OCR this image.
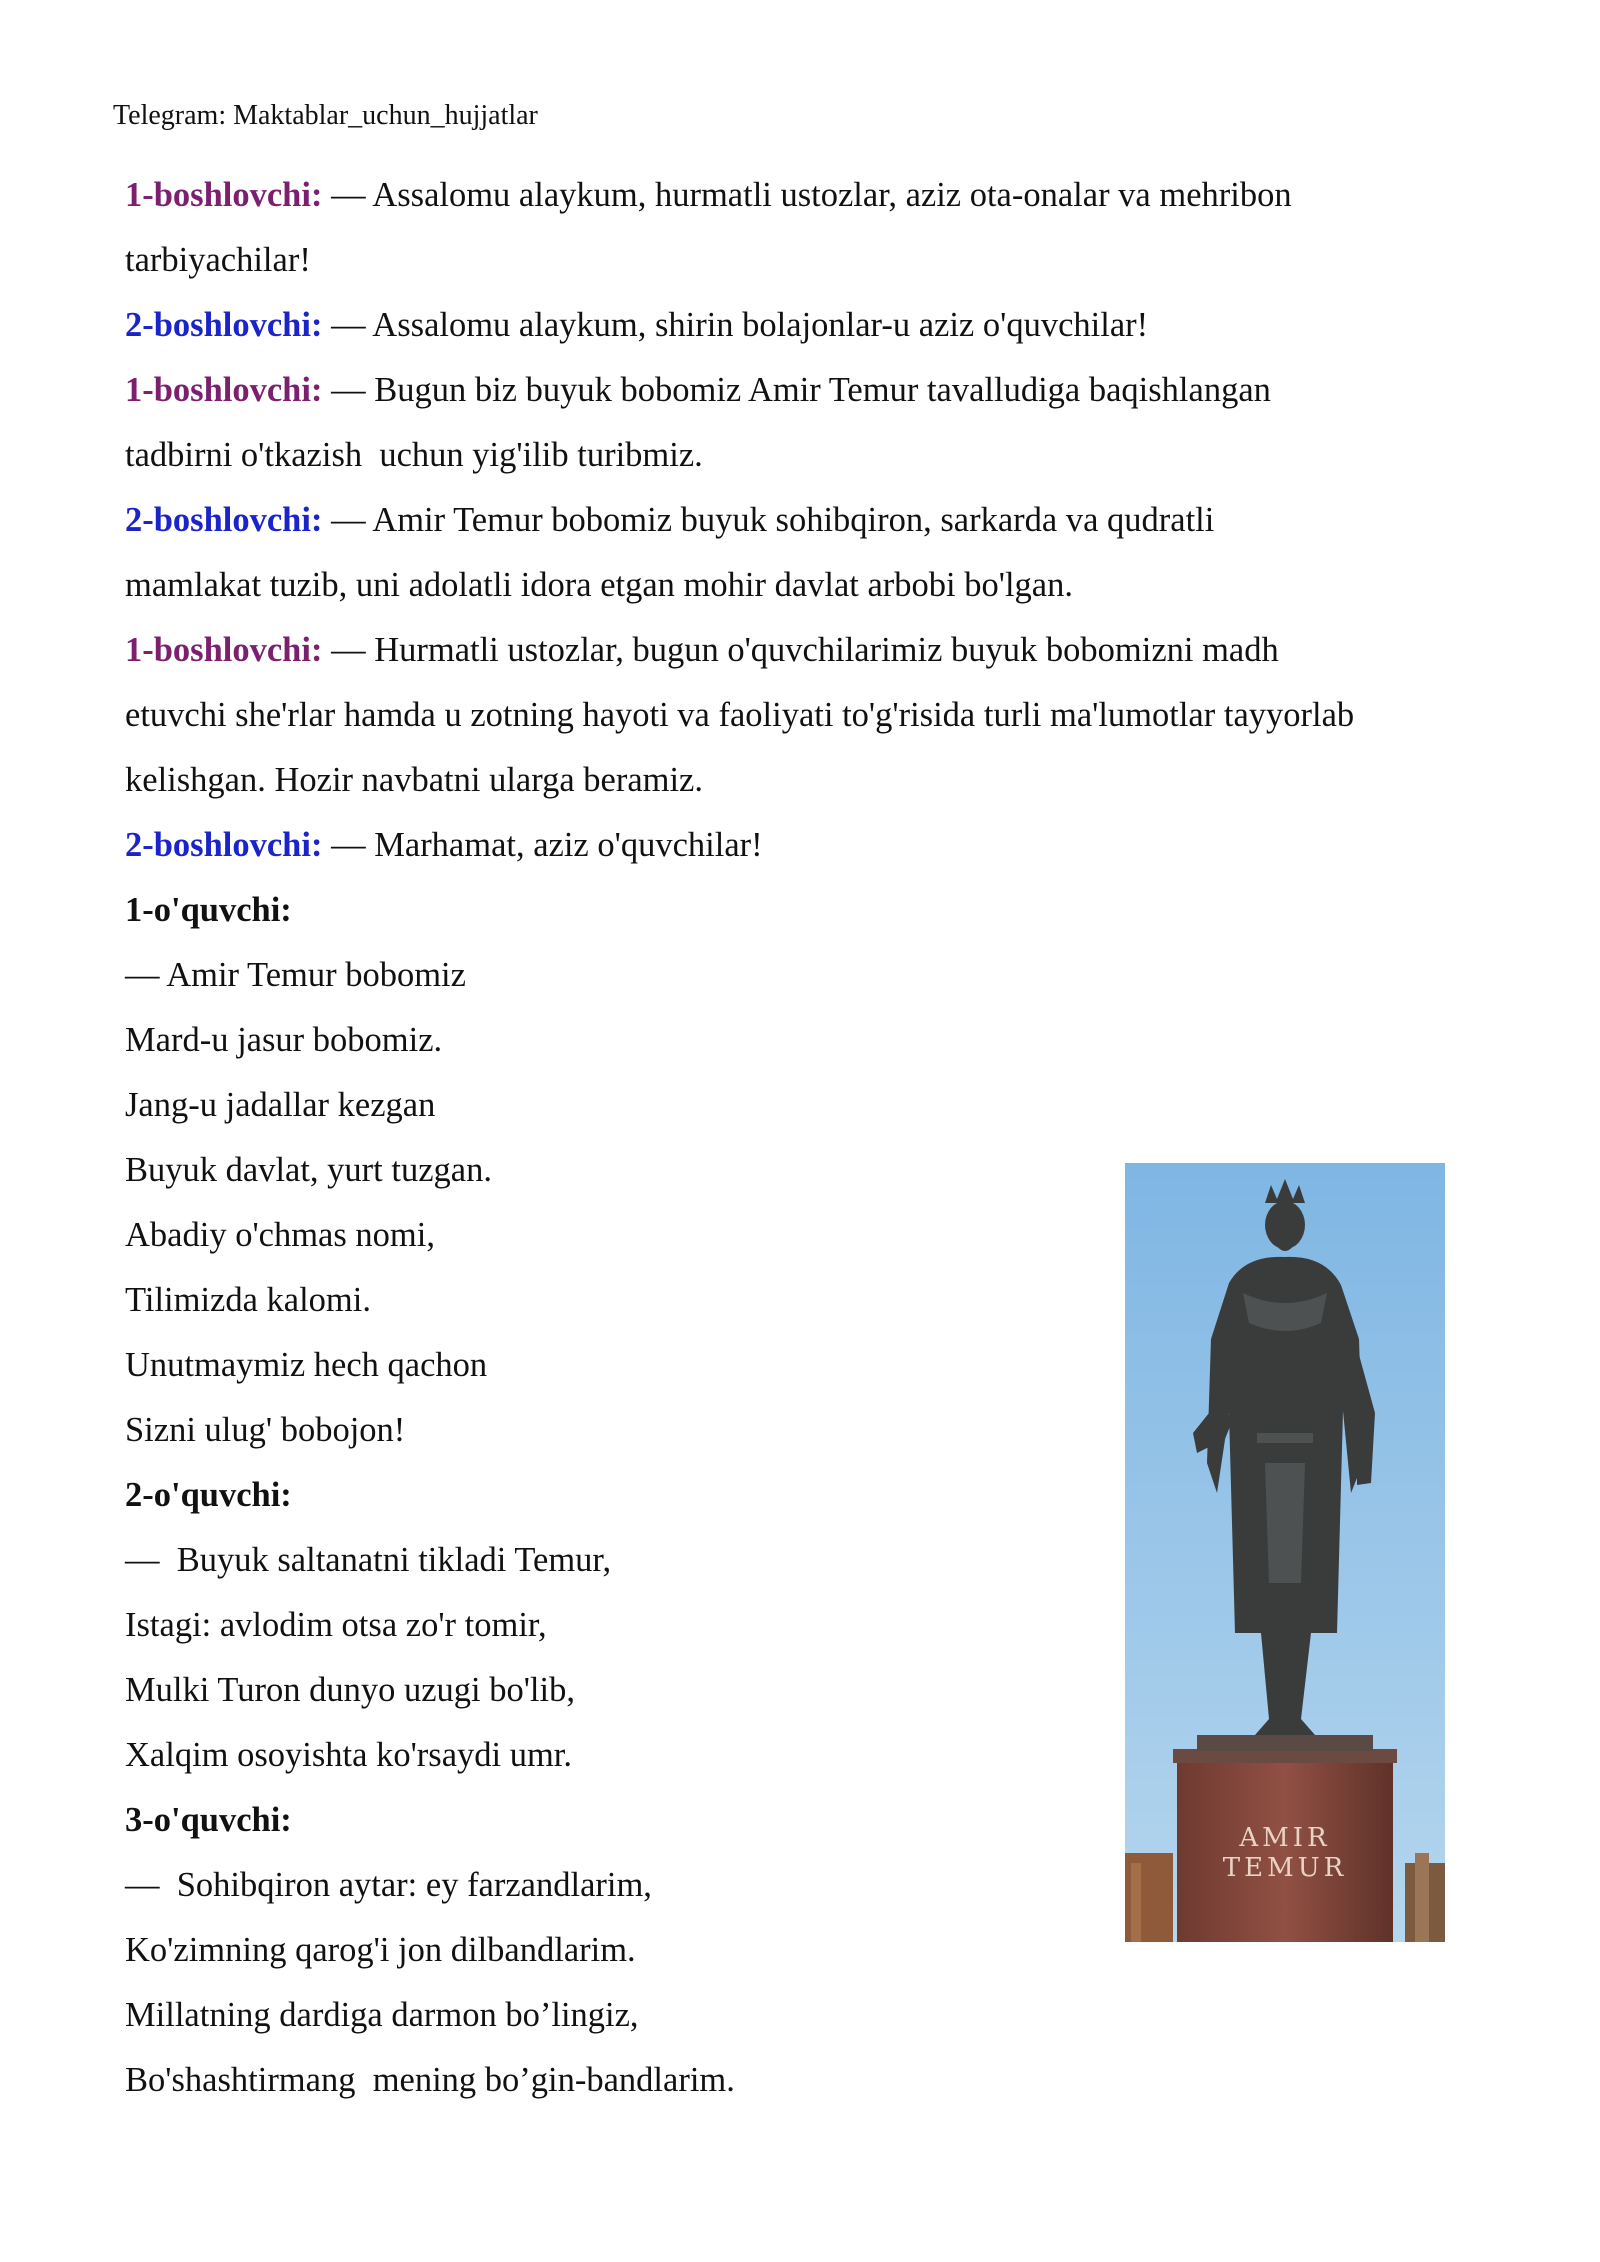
Telegram: Maktablar_uchun_hujjatlar
1-boshlovchi: — Assalomu alaykum, hurmatli ustozlar, aziz ota-onalar va mehribon
tarbiyachilar!
2-boshlovchi: — Assalomu alaykum, shirin bolajonlar-u aziz o'quvchilar!
1-boshlovchi: — Bugun biz buyuk bobomiz Amir Temur tavalludiga baqishlangan
tadbirni o'tkazish  uchun yig'ilib turibmiz.
2-boshlovchi: — Amir Temur bobomiz buyuk sohibqiron, sarkarda va qudratli
mamlakat tuzib, uni adolatli idora etgan mohir davlat arbobi bo'lgan.
1-boshlovchi: — Hurmatli ustozlar, bugun o'quvchilarimiz buyuk bobomizni madh
etuvchi she'rlar hamda u zotning hayoti va faoliyati to'g'risida turli ma'lumotlar tayyorlab
kelishgan. Hozir navbatni ularga beramiz.
2-boshlovchi: — Marhamat, aziz o'quvchilar!
1-o'quvchi:
— Amir Temur bobomiz
Mard-u jasur bobomiz.
Jang-u jadallar kezgan
Buyuk davlat, yurt tuzgan.
Abadiy o'chmas nomi,
Tilimizda kalomi.
Unutmaymiz hech qachon
Sizni ulug' bobojon!
2-o'quvchi:
—  Buyuk saltanatni tikladi Temur,
Istagi: avlodim otsa zo'r tomir,
Mulki Turon dunyo uzugi bo'lib,
Xalqim osoyishta ko'rsaydi umr.
3-o'quvchi:
—  Sohibqiron aytar: ey farzandlarim,
Ko'zimning qarog'i jon dilbandlarim.
Millatning dardiga darmon bo’lingiz,
Bo'shashtirmang  mening bo’gin-bandlarim.
AMIR
TEMUR
